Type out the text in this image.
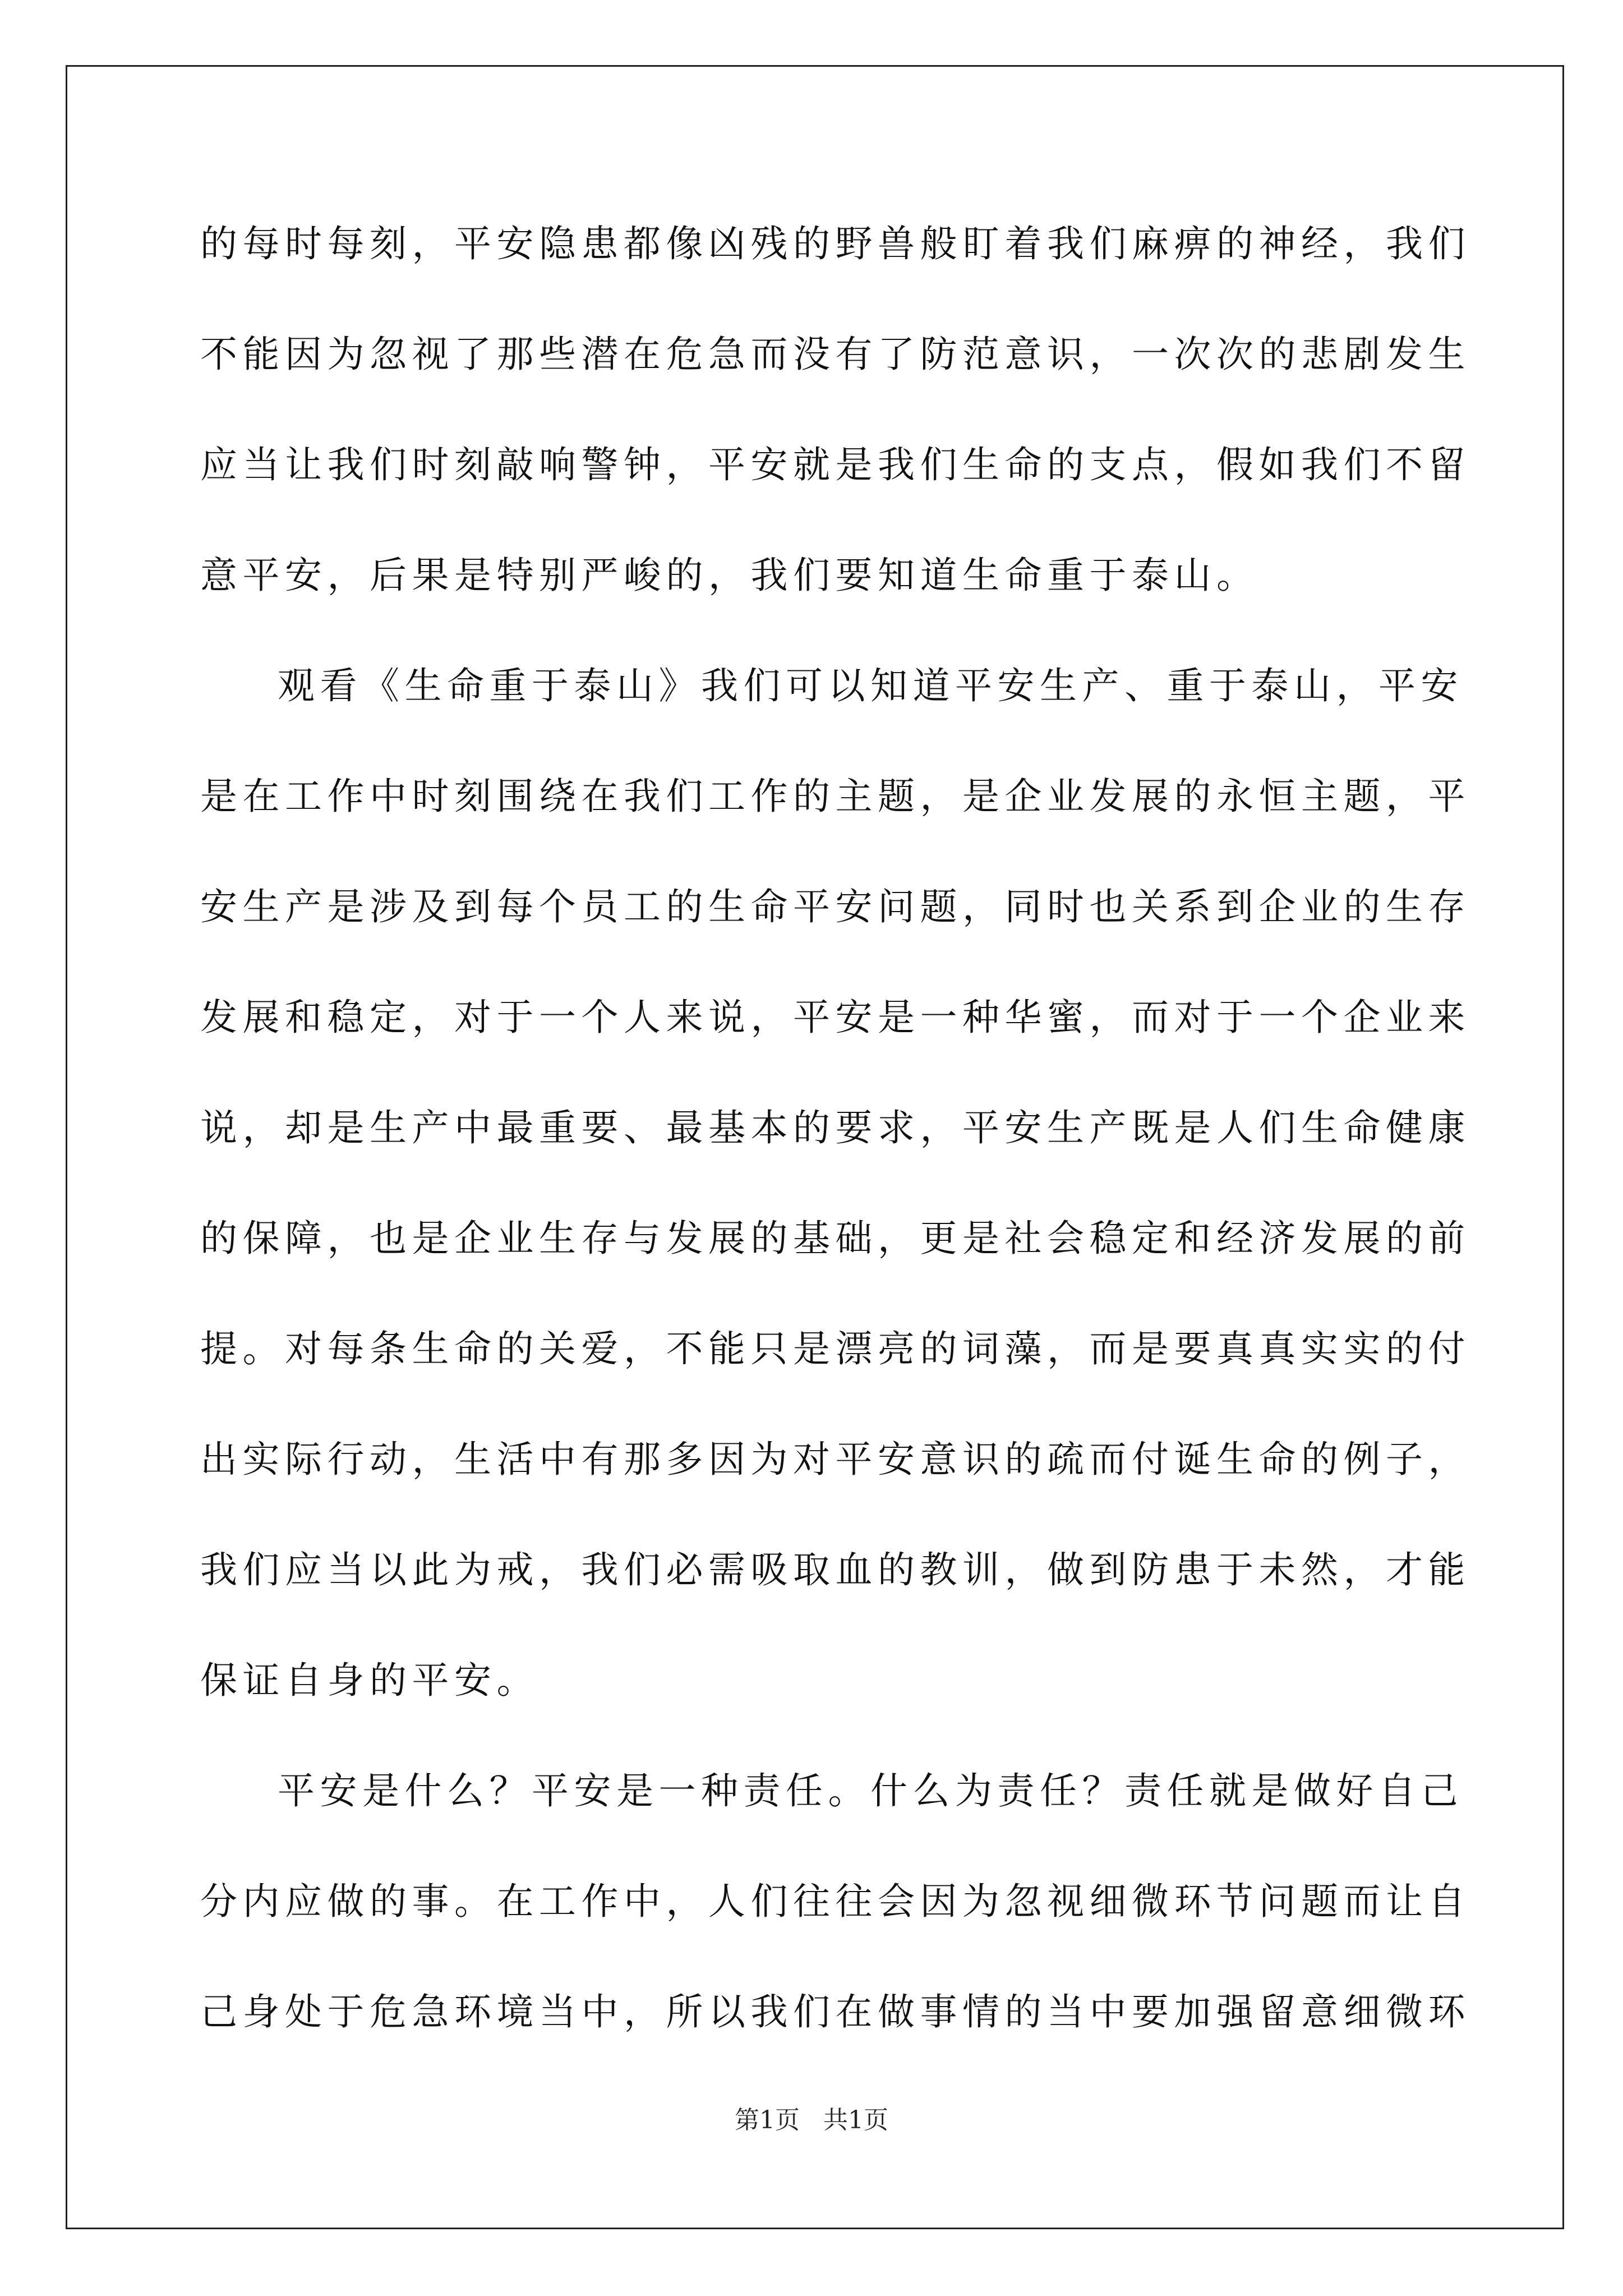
的每时每刻，平安隐患都像凶残的野兽般盯着我们麻痹的神经，我们
不能因为忽视了那些潜在危急而没有了防范意识，一次次的悲剧发生
应当让我们时刻敲响警钟，平安就是我们生命的支点，假如我们不留
意平安，后果是特别严峻的，我们要知道生命重于泰山。
观看《生命重于泰山》我们可以知道平安生产、重于泰山，平安
是在工作中时刻围绕在我们工作的主题，是企业发展的永恒主题，平
安生产是涉及到每个员工的生命平安问题，同时也关系到企业的生存
发展和稳定，对于一个人来说，平安是一种华蜜，而对于一个企业来
说，却是生产中最重要、最基本的要求，平安生产既是人们生命健康
的保障，也是企业生存与发展的基础，更是社会稳定和经济发展的前
提。对每条生命的关爱，不能只是漂亮的词藻，而是要真真实实的付
出实际行动，生活中有那多因为对平安意识的疏而付诞生命的例子，
我们应当以此为戒，我们必需吸取血的教训，做到防患于未然，才能
保证自身的平安。
平安是什么？平安是一种责任。什么为责任？责任就是做好自己
分内应做的事。在工作中，人们往往会因为忽视细微环节问题而让自
己身处于危急环境当中，所以我们在做事情的当中要加强留意细微环
第1页   共1页
